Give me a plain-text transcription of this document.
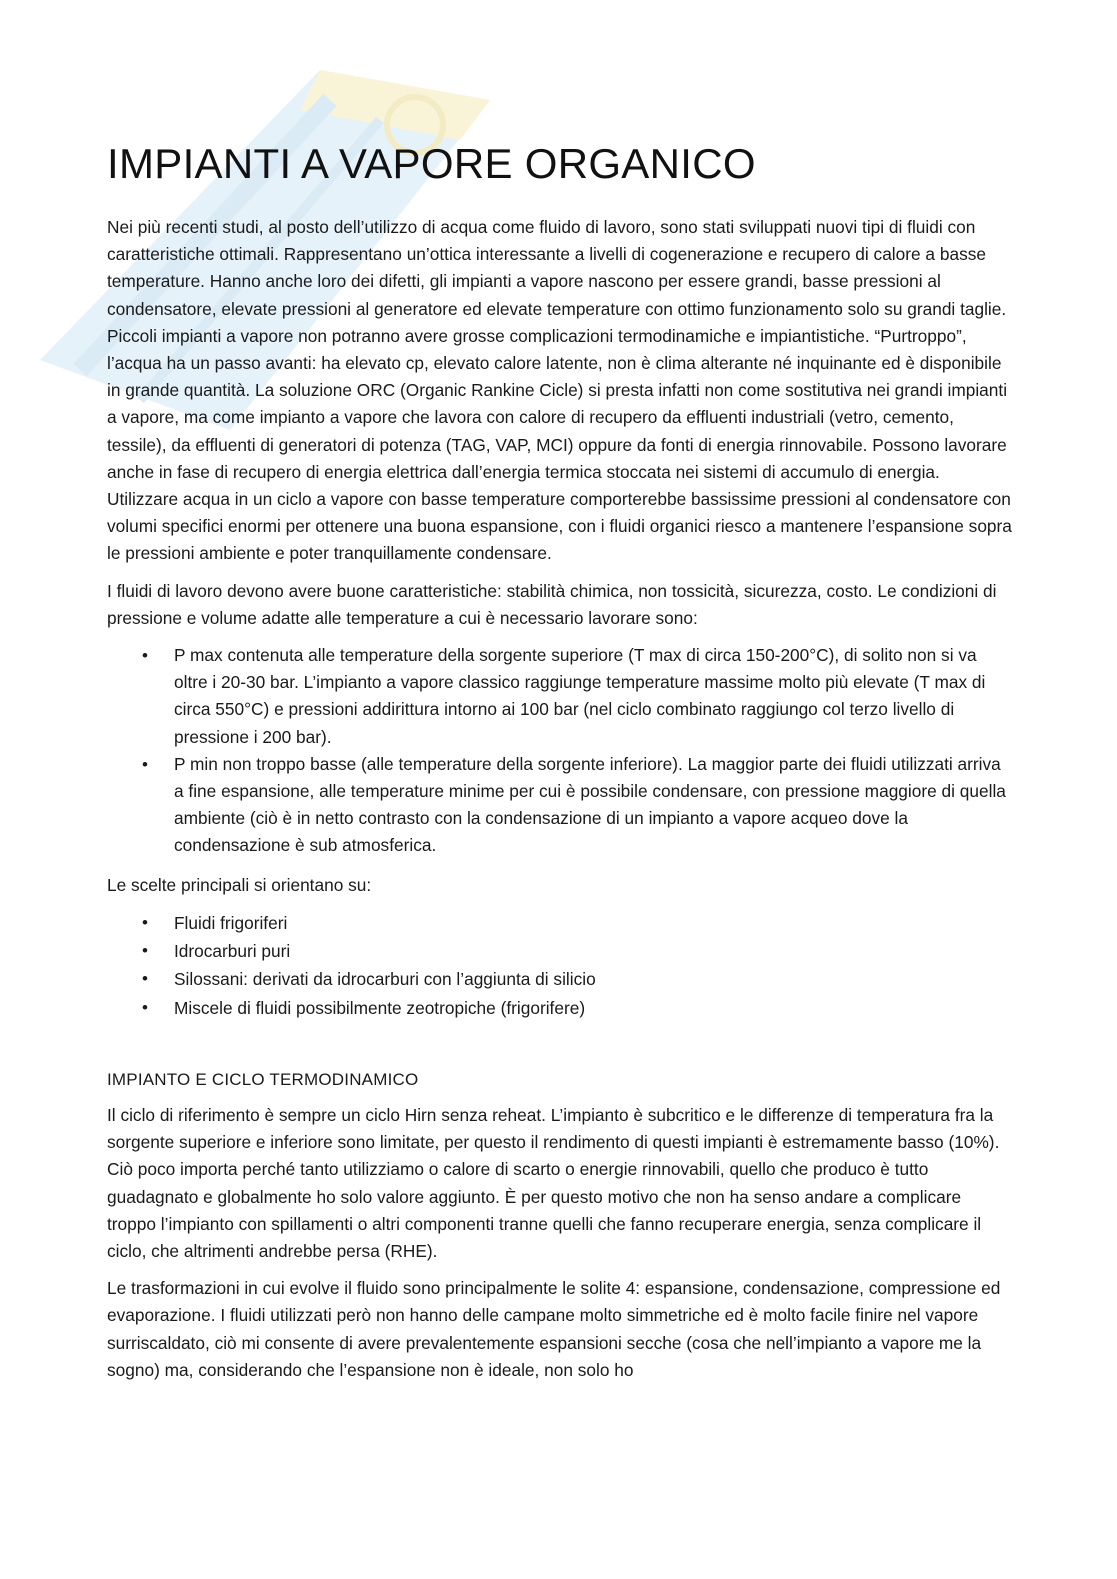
IMPIANTI A VAPORE ORGANICO

Nei più recenti studi, al posto dell’utilizzo di acqua come fluido di lavoro, sono stati sviluppati nuovi tipi di fluidi con caratteristiche ottimali. Rappresentano un’ottica interessante a livelli di cogenerazione e recupero di calore a basse temperature. Hanno anche loro dei difetti, gli impianti a vapore nascono per essere grandi, basse pressioni al condensatore, elevate pressioni al generatore ed elevate temperature con ottimo funzionamento solo su grandi taglie. Piccoli impianti a vapore non potranno avere grosse complicazioni termodinamiche e impiantistiche. “Purtroppo”, l’acqua ha un passo avanti: ha elevato cp, elevato calore latente, non è clima alterante né inquinante ed è disponibile in grande quantità. La soluzione ORC (Organic Rankine Cicle) si presta infatti non come sostitutiva nei grandi impianti a vapore, ma come impianto a vapore che lavora con calore di recupero da effluenti industriali (vetro, cemento, tessile), da effluenti di generatori di potenza (TAG, VAP, MCI) oppure da fonti di energia rinnovabile. Possono lavorare anche in fase di recupero di energia elettrica dall’energia termica stoccata nei sistemi di accumulo di energia. Utilizzare acqua in un ciclo a vapore con basse temperature comporterebbe bassissime pressioni al condensatore con volumi specifici enormi per ottenere una buona espansione, con i fluidi organici riesco a mantenere l’espansione sopra le pressioni ambiente e poter tranquillamente condensare.

I fluidi di lavoro devono avere buone caratteristiche: stabilità chimica, non tossicità, sicurezza, costo. Le condizioni di pressione e volume adatte alle temperature a cui è necessario lavorare sono:

• P max contenuta alle temperature della sorgente superiore (T max di circa 150-200°C), di solito non si va oltre i 20-30 bar. L’impianto a vapore classico raggiunge temperature massime molto più elevate (T max di circa 550°C) e pressioni addirittura intorno ai 100 bar (nel ciclo combinato raggiungo col terzo livello di pressione i 200 bar).
• P min non troppo basse (alle temperature della sorgente inferiore). La maggior parte dei fluidi utilizzati arriva a fine espansione, alle temperature minime per cui è possibile condensare, con pressione maggiore di quella ambiente (ciò è in netto contrasto con la condensazione di un impianto a vapore acqueo dove la condensazione è sub atmosferica.

Le scelte principali si orientano su:

• Fluidi frigoriferi
• Idrocarburi puri
• Silossani: derivati da idrocarburi con l’aggiunta di silicio
• Miscele di fluidi possibilmente zeotropiche (frigorifere)
IMPIANTO E CICLO TERMODINAMICO

Il ciclo di riferimento è sempre un ciclo Hirn senza reheat. L’impianto è subcritico e le differenze di temperatura fra la sorgente superiore e inferiore sono limitate, per questo il rendimento di questi impianti è estremamente basso (10%). Ciò poco importa perché tanto utilizziamo o calore di scarto o energie rinnovabili, quello che produco è tutto guadagnato e globalmente ho solo valore aggiunto. È per questo motivo che non ha senso andare a complicare troppo l’impianto con spillamenti o altri componenti tranne quelli che fanno recuperare energia, senza complicare il ciclo, che altrimenti andrebbe persa (RHE).

Le trasformazioni in cui evolve il fluido sono principalmente le solite 4: espansione, condensazione, compressione ed evaporazione. I fluidi utilizzati però non hanno delle campane molto simmetriche ed è molto facile finire nel vapore surriscaldato, ciò mi consente di avere prevalentemente espansioni secche (cosa che nell’impianto a vapore me la sogno) ma, considerando che l’espansione non è ideale, non solo ho
